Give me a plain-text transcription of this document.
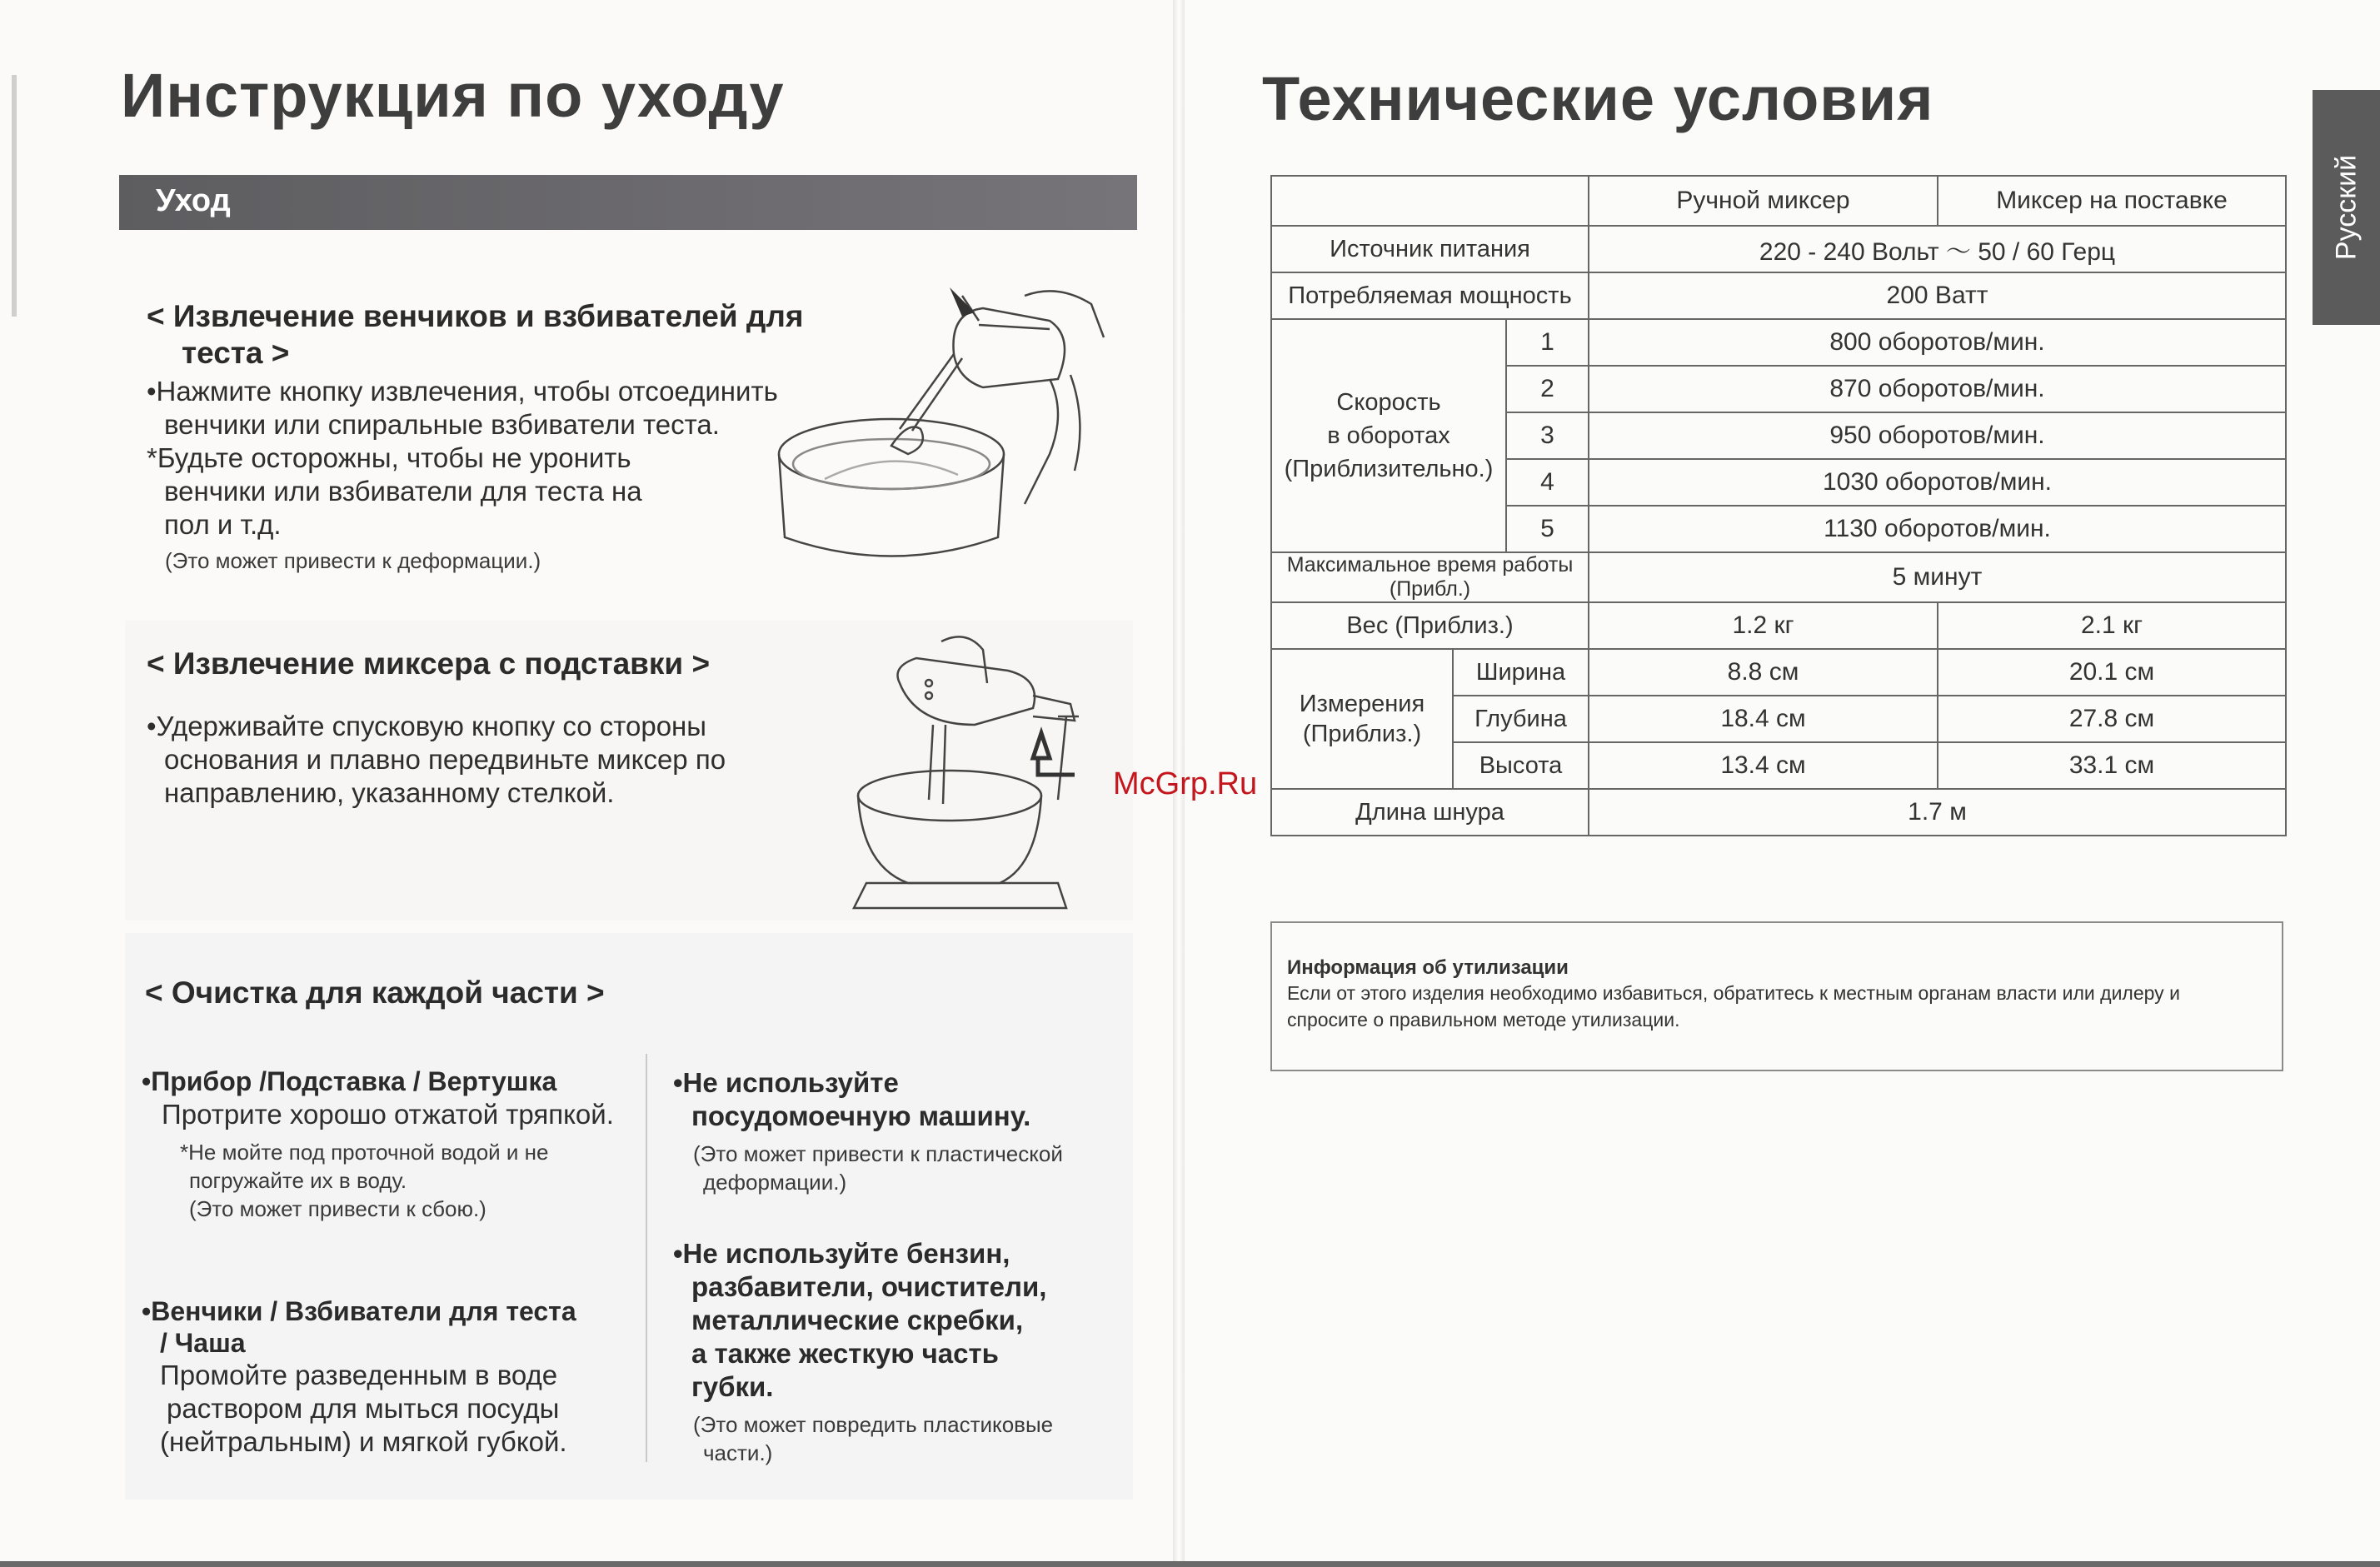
Инструкция по уходу
Уход
< Извлечение венчиков и взбивателей для
теста >
•Нажмите кнопку извлечения, чтобы отсоединить
венчики или спиральные взбиватели теста.
*Будьте осторожны, чтобы не уронить
венчики или взбиватели для теста на
пол и т.д.
(Это может привести к деформации.)
< Извлечение миксера с подставки >
•Удерживайте спусковую кнопку со стороны
основания и плавно передвиньте миксер по
направлению, указанному стелкой.
< Очистка для каждой части >
•Прибор /Подставка / Вертушка
Протрите хорошо отжатой тряпкой.
*Не мойте под проточной водой и не
погружайте их в воду.
(Это может привести к сбою.)
•Венчики / Взбиватели для теста
/ Чаша
Промойте разведенным в воде
раствором для мыться посуды
(нейтральным) и мягкой губкой.
•Не используйте
посудомоечную машину.
(Это может привести к пластической
деформации.)
•Не используйте бензин,
разбавители, очистители,
металлические скребки,
а также жесткую часть
губки.
(Это может повредить пластиковые
части.)
Технические условия
Русский
			Ручной миксер	Миксер на поставке
Источник питания			220 - 240 Вольт 〜 50 / 60 Герц	
Потребляемая мощность			200 Ватт	

Скорость
в оборотах
(Приблизительно.)		1	800 оборотов/мин.	
		2	870 оборотов/мин.	
		3	950 оборотов/мин.	
		4	1030 оборотов/мин.	
		5	1130 оборотов/мин.	
Максимальное время работы (Прибл.)			5 минут	
Вес (Приблиз.)			1.2 кг	2.1 кг

Измерения
(Приблиз.)	Ширина		8.8 см	20.1 см
	Глубина		18.4 см	27.8 см
	Высота		13.4 см	33.1 см
Длина шнура			1.7 м	
Информация об утилизации
Если от этого изделия необходимо избавиться, обратитесь к местным органам власти или дилеру и спросите о правильном методе утилизации.
McGrp.Ru
